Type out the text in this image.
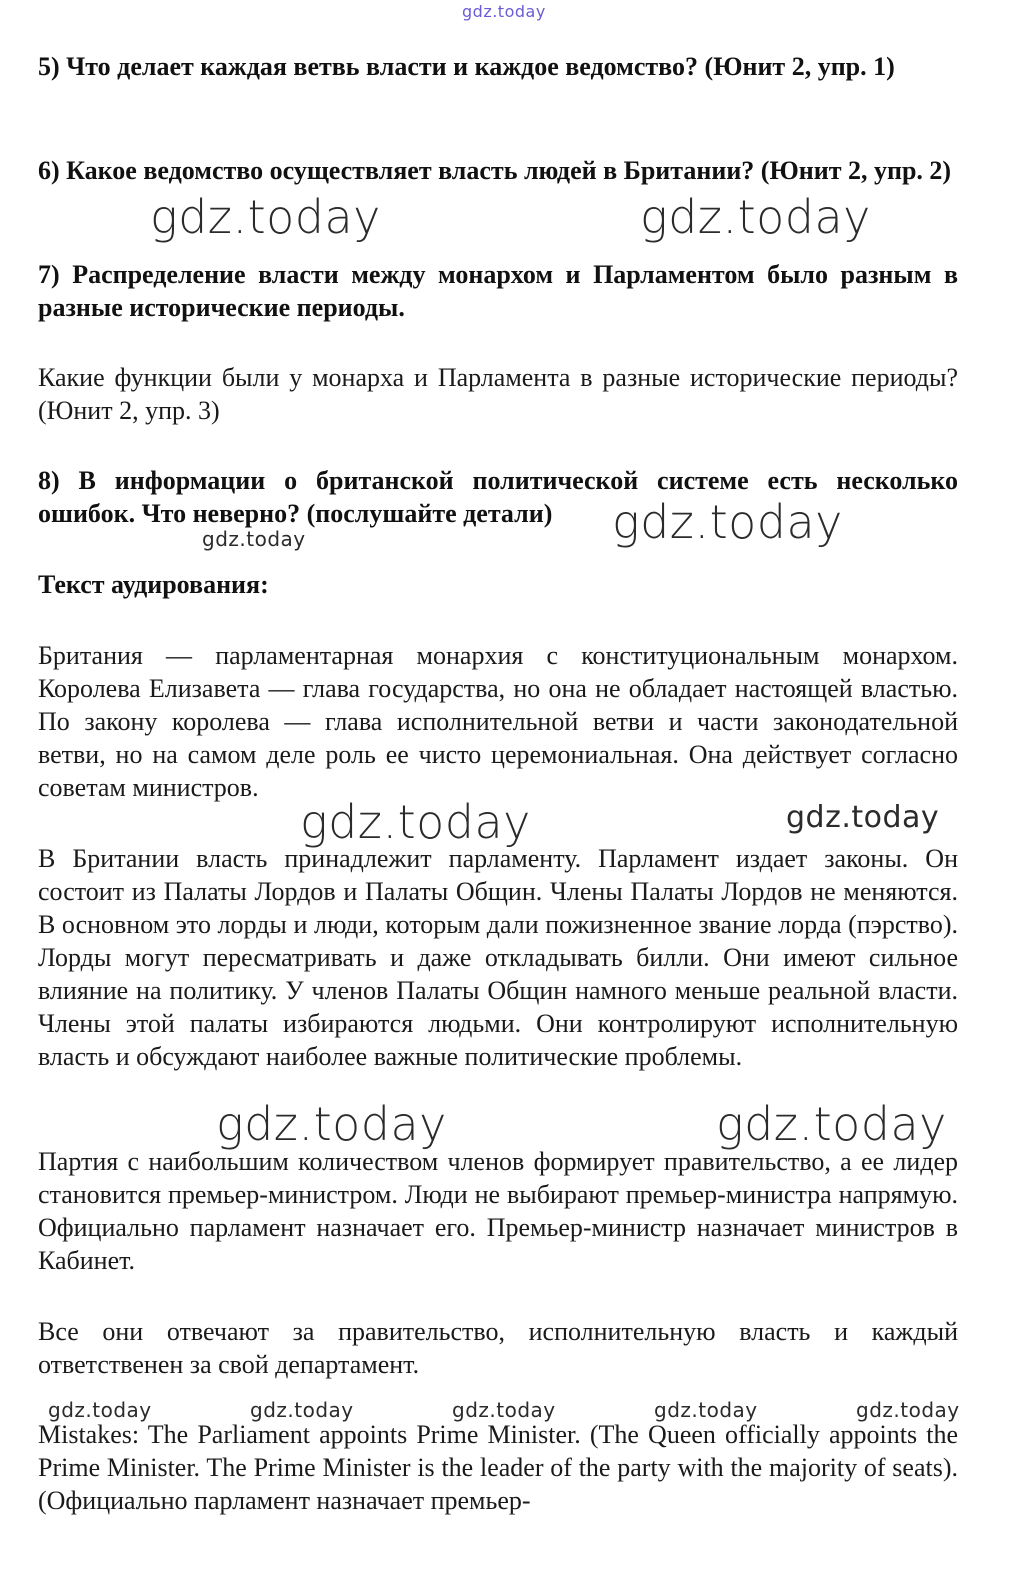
gdz.today

5) Что делает каждая ветвь власти и каждое ведомство? (Юнит 2, упр. 1)

6) Какое ведомство осуществляет власть людей в Британии? (Юнит 2, упр. 2)

gdz.today	gdz.today

7) Распределение власти между монархом и Парламентом было разным в разные исторические периоды.

Какие функции были у монарха и Парламента в разные исторические периоды? (Юнит 2, упр. 3)

8) В информации о британской политической системе есть несколько ошибок. Что неверно? (послушайте детали)	gdz.today
gdz.today

Текст аудирования:

Британия — парламентарная монархия с конституциональным монархом. Королева Елизавета — глава государства, но она не обладает настоящей властью. По закону королева — глава исполнительной ветви и части законодательной ветви, но на самом деле роль ее чисто церемониальная. Она действует согласно советам министров.

gdz.today	gdz.today

В Британии власть принадлежит парламенту. Парламент издает законы. Он состоит из Палаты Лордов и Палаты Общин. Члены Палаты Лордов не меняются. В основном это лорды и люди, которым дали пожизненное звание лорда (пэрство). Лорды могут пересматривать и даже откладывать билли. Они имеют сильное влияние на политику. У членов Палаты Общин намного меньше реальной власти. Члены этой палаты избираются людьми. Они контролируют исполнительную власть и обсуждают наиболее важные политические проблемы.

gdz.today	gdz.today

Партия с наибольшим количеством членов формирует правительство, а ее лидер становится премьер-министром. Люди не выбирают премьер-министра напрямую. Официально парламент назначает его. Премьер-министр назначает министров в Кабинет.

Все они отвечают за правительство, исполнительную власть и каждый ответственен за свой департамент.

gdz.today	gdz.today	gdz.today	gdz.today	gdz.today

Mistakes: The Parliament appoints Prime Minister. (The Queen officially appoints the Prime Minister. The Prime Minister is the leader of the party with the majority of seats). (Официально парламент назначает премьер-
